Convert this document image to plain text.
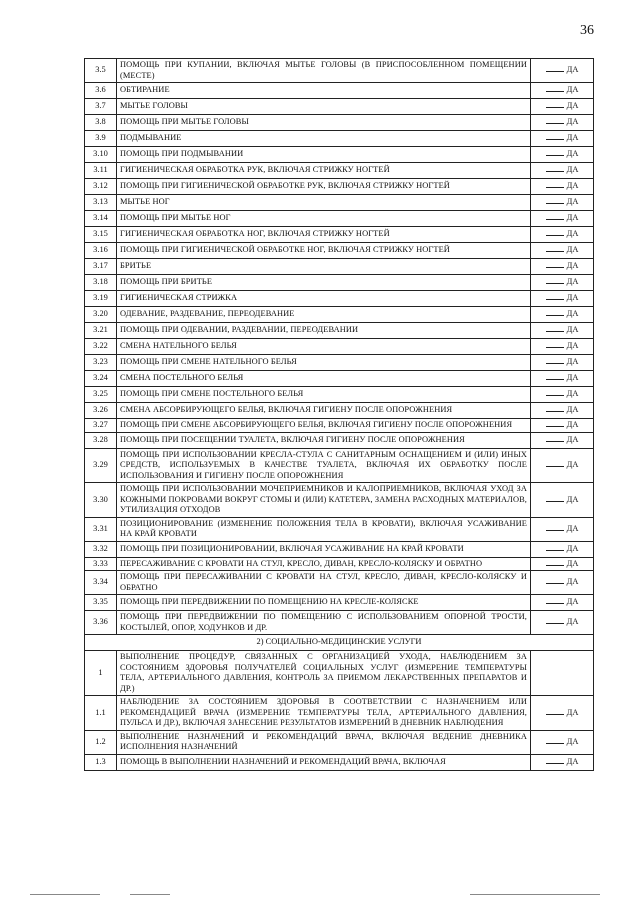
36
3.5	ПОМОЩЬ ПРИ КУПАНИИ, ВКЛЮЧАЯ МЫТЬЕ ГОЛОВЫ (В ПРИСПОСОБЛЕННОМ ПОМЕЩЕНИИ (МЕСТЕ)	ДА
3.6	ОБТИРАНИЕ	ДА
3.7	МЫТЬЕ ГОЛОВЫ	ДА
3.8	ПОМОЩЬ ПРИ МЫТЬЕ ГОЛОВЫ	ДА
3.9	ПОДМЫВАНИЕ	ДА
3.10	ПОМОЩЬ ПРИ ПОДМЫВАНИИ	ДА
3.11	ГИГИЕНИЧЕСКАЯ ОБРАБОТКА РУК, ВКЛЮЧАЯ СТРИЖКУ НОГТЕЙ	ДА
3.12	ПОМОЩЬ ПРИ ГИГИЕНИЧЕСКОЙ ОБРАБОТКЕ РУК, ВКЛЮЧАЯ СТРИЖКУ НОГТЕЙ	ДА
3.13	МЫТЬЕ НОГ	ДА
3.14	ПОМОЩЬ ПРИ МЫТЬЕ НОГ	ДА
3.15	ГИГИЕНИЧЕСКАЯ ОБРАБОТКА НОГ, ВКЛЮЧАЯ СТРИЖКУ НОГТЕЙ	ДА
3.16	ПОМОЩЬ ПРИ ГИГИЕНИЧЕСКОЙ ОБРАБОТКЕ НОГ, ВКЛЮЧАЯ СТРИЖКУ НОГТЕЙ	ДА
3.17	БРИТЬЕ	ДА
3.18	ПОМОЩЬ ПРИ БРИТЬЕ	ДА
3.19	ГИГИЕНИЧЕСКАЯ СТРИЖКА	ДА
3.20	ОДЕВАНИЕ, РАЗДЕВАНИЕ, ПЕРЕОДЕВАНИЕ	ДА
3.21	ПОМОЩЬ ПРИ ОДЕВАНИИ, РАЗДЕВАНИИ, ПЕРЕОДЕВАНИИ	ДА
3.22	СМЕНА НАТЕЛЬНОГО БЕЛЬЯ	ДА
3.23	ПОМОЩЬ ПРИ СМЕНЕ НАТЕЛЬНОГО БЕЛЬЯ	ДА
3.24	СМЕНА ПОСТЕЛЬНОГО БЕЛЬЯ	ДА
3.25	ПОМОЩЬ ПРИ СМЕНЕ ПОСТЕЛЬНОГО БЕЛЬЯ	ДА
3.26	СМЕНА АБСОРБИРУЮЩЕГО БЕЛЬЯ, ВКЛЮЧАЯ ГИГИЕНУ ПОСЛЕ ОПОРОЖНЕНИЯ	ДА
3.27	ПОМОЩЬ ПРИ СМЕНЕ АБСОРБИРУЮЩЕГО БЕЛЬЯ, ВКЛЮЧАЯ ГИГИЕНУ ПОСЛЕ ОПОРОЖНЕНИЯ	ДА
3.28	ПОМОЩЬ ПРИ ПОСЕЩЕНИИ ТУАЛЕТА, ВКЛЮЧАЯ ГИГИЕНУ ПОСЛЕ ОПОРОЖНЕНИЯ	ДА
3.29	ПОМОЩЬ ПРИ ИСПОЛЬЗОВАНИИ КРЕСЛА-СТУЛА С САНИТАРНЫМ ОСНАЩЕНИЕМ И (ИЛИ) ИНЫХ СРЕДСТВ, ИСПОЛЬЗУЕМЫХ В КАЧЕСТВЕ ТУАЛЕТА, ВКЛЮЧАЯ ИХ ОБРАБОТКУ ПОСЛЕ ИСПОЛЬЗОВАНИЯ И ГИГИЕНУ ПОСЛЕ ОПОРОЖНЕНИЯ	ДА
3.30	ПОМОЩЬ ПРИ ИСПОЛЬЗОВАНИИ МОЧЕПРИЕМНИКОВ И КАЛОПРИЕМНИКОВ, ВКЛЮЧАЯ УХОД ЗА КОЖНЫМИ ПОКРОВАМИ ВОКРУГ СТОМЫ И (ИЛИ) КАТЕТЕРА, ЗАМЕНА РАСХОДНЫХ МАТЕРИАЛОВ, УТИЛИЗАЦИЯ ОТХОДОВ	ДА
3.31	ПОЗИЦИОНИРОВАНИЕ (ИЗМЕНЕНИЕ ПОЛОЖЕНИЯ ТЕЛА В КРОВАТИ), ВКЛЮЧАЯ УСАЖИВАНИЕ НА КРАЙ КРОВАТИ	ДА
3.32	ПОМОЩЬ ПРИ ПОЗИЦИОНИРОВАНИИ, ВКЛЮЧАЯ УСАЖИВАНИЕ НА КРАЙ КРОВАТИ	ДА
3.33	ПЕРЕСАЖИВАНИЕ С КРОВАТИ НА СТУЛ, КРЕСЛО, ДИВАН, КРЕСЛО-КОЛЯСКУ И ОБРАТНО	ДА
3.34	ПОМОЩЬ ПРИ ПЕРЕСАЖИВАНИИ С КРОВАТИ НА СТУЛ, КРЕСЛО, ДИВАН, КРЕСЛО-КОЛЯСКУ И ОБРАТНО	ДА
3.35	ПОМОЩЬ ПРИ ПЕРЕДВИЖЕНИИ ПО ПОМЕЩЕНИЮ НА КРЕСЛЕ-КОЛЯСКЕ	ДА
3.36	ПОМОЩЬ ПРИ ПЕРЕДВИЖЕНИИ ПО ПОМЕЩЕНИЮ С ИСПОЛЬЗОВАНИЕМ ОПОРНОЙ ТРОСТИ, КОСТЫЛЕЙ, ОПОР, ХОДУНКОВ И ДР.	ДА
2) СОЦИАЛЬНО-МЕДИЦИНСКИЕ УСЛУГИ		
1	ВЫПОЛНЕНИЕ ПРОЦЕДУР, СВЯЗАННЫХ С ОРГАНИЗАЦИЕЙ УХОДА, НАБЛЮДЕНИЕМ ЗА СОСТОЯНИЕМ ЗДОРОВЬЯ ПОЛУЧАТЕЛЕЙ СОЦИАЛЬНЫХ УСЛУГ (ИЗМЕРЕНИЕ ТЕМПЕРАТУРЫ ТЕЛА, АРТЕРИАЛЬНОГО ДАВЛЕНИЯ, КОНТРОЛЬ ЗА ПРИЕМОМ ЛЕКАРСТВЕННЫХ ПРЕПАРАТОВ И ДР.)	
1.1	НАБЛЮДЕНИЕ ЗА СОСТОЯНИЕМ ЗДОРОВЬЯ В СООТВЕТСТВИИ С НАЗНАЧЕНИЕМ ИЛИ РЕКОМЕНДАЦИЕЙ ВРАЧА (ИЗМЕРЕНИЕ ТЕМПЕРАТУРЫ ТЕЛА, АРТЕРИАЛЬНОГО ДАВЛЕНИЯ, ПУЛЬСА И ДР.), ВКЛЮЧАЯ ЗАНЕСЕНИЕ РЕЗУЛЬТАТОВ ИЗМЕРЕНИЙ В ДНЕВНИК НАБЛЮДЕНИЯ	ДА
1.2	ВЫПОЛНЕНИЕ НАЗНАЧЕНИЙ И РЕКОМЕНДАЦИЙ ВРАЧА, ВКЛЮЧАЯ ВЕДЕНИЕ ДНЕВНИКА ИСПОЛНЕНИЯ НАЗНАЧЕНИЙ	ДА
1.3	ПОМОЩЬ В ВЫПОЛНЕНИИ НАЗНАЧЕНИЙ И РЕКОМЕНДАЦИЙ ВРАЧА, ВКЛЮЧАЯ	ДА
